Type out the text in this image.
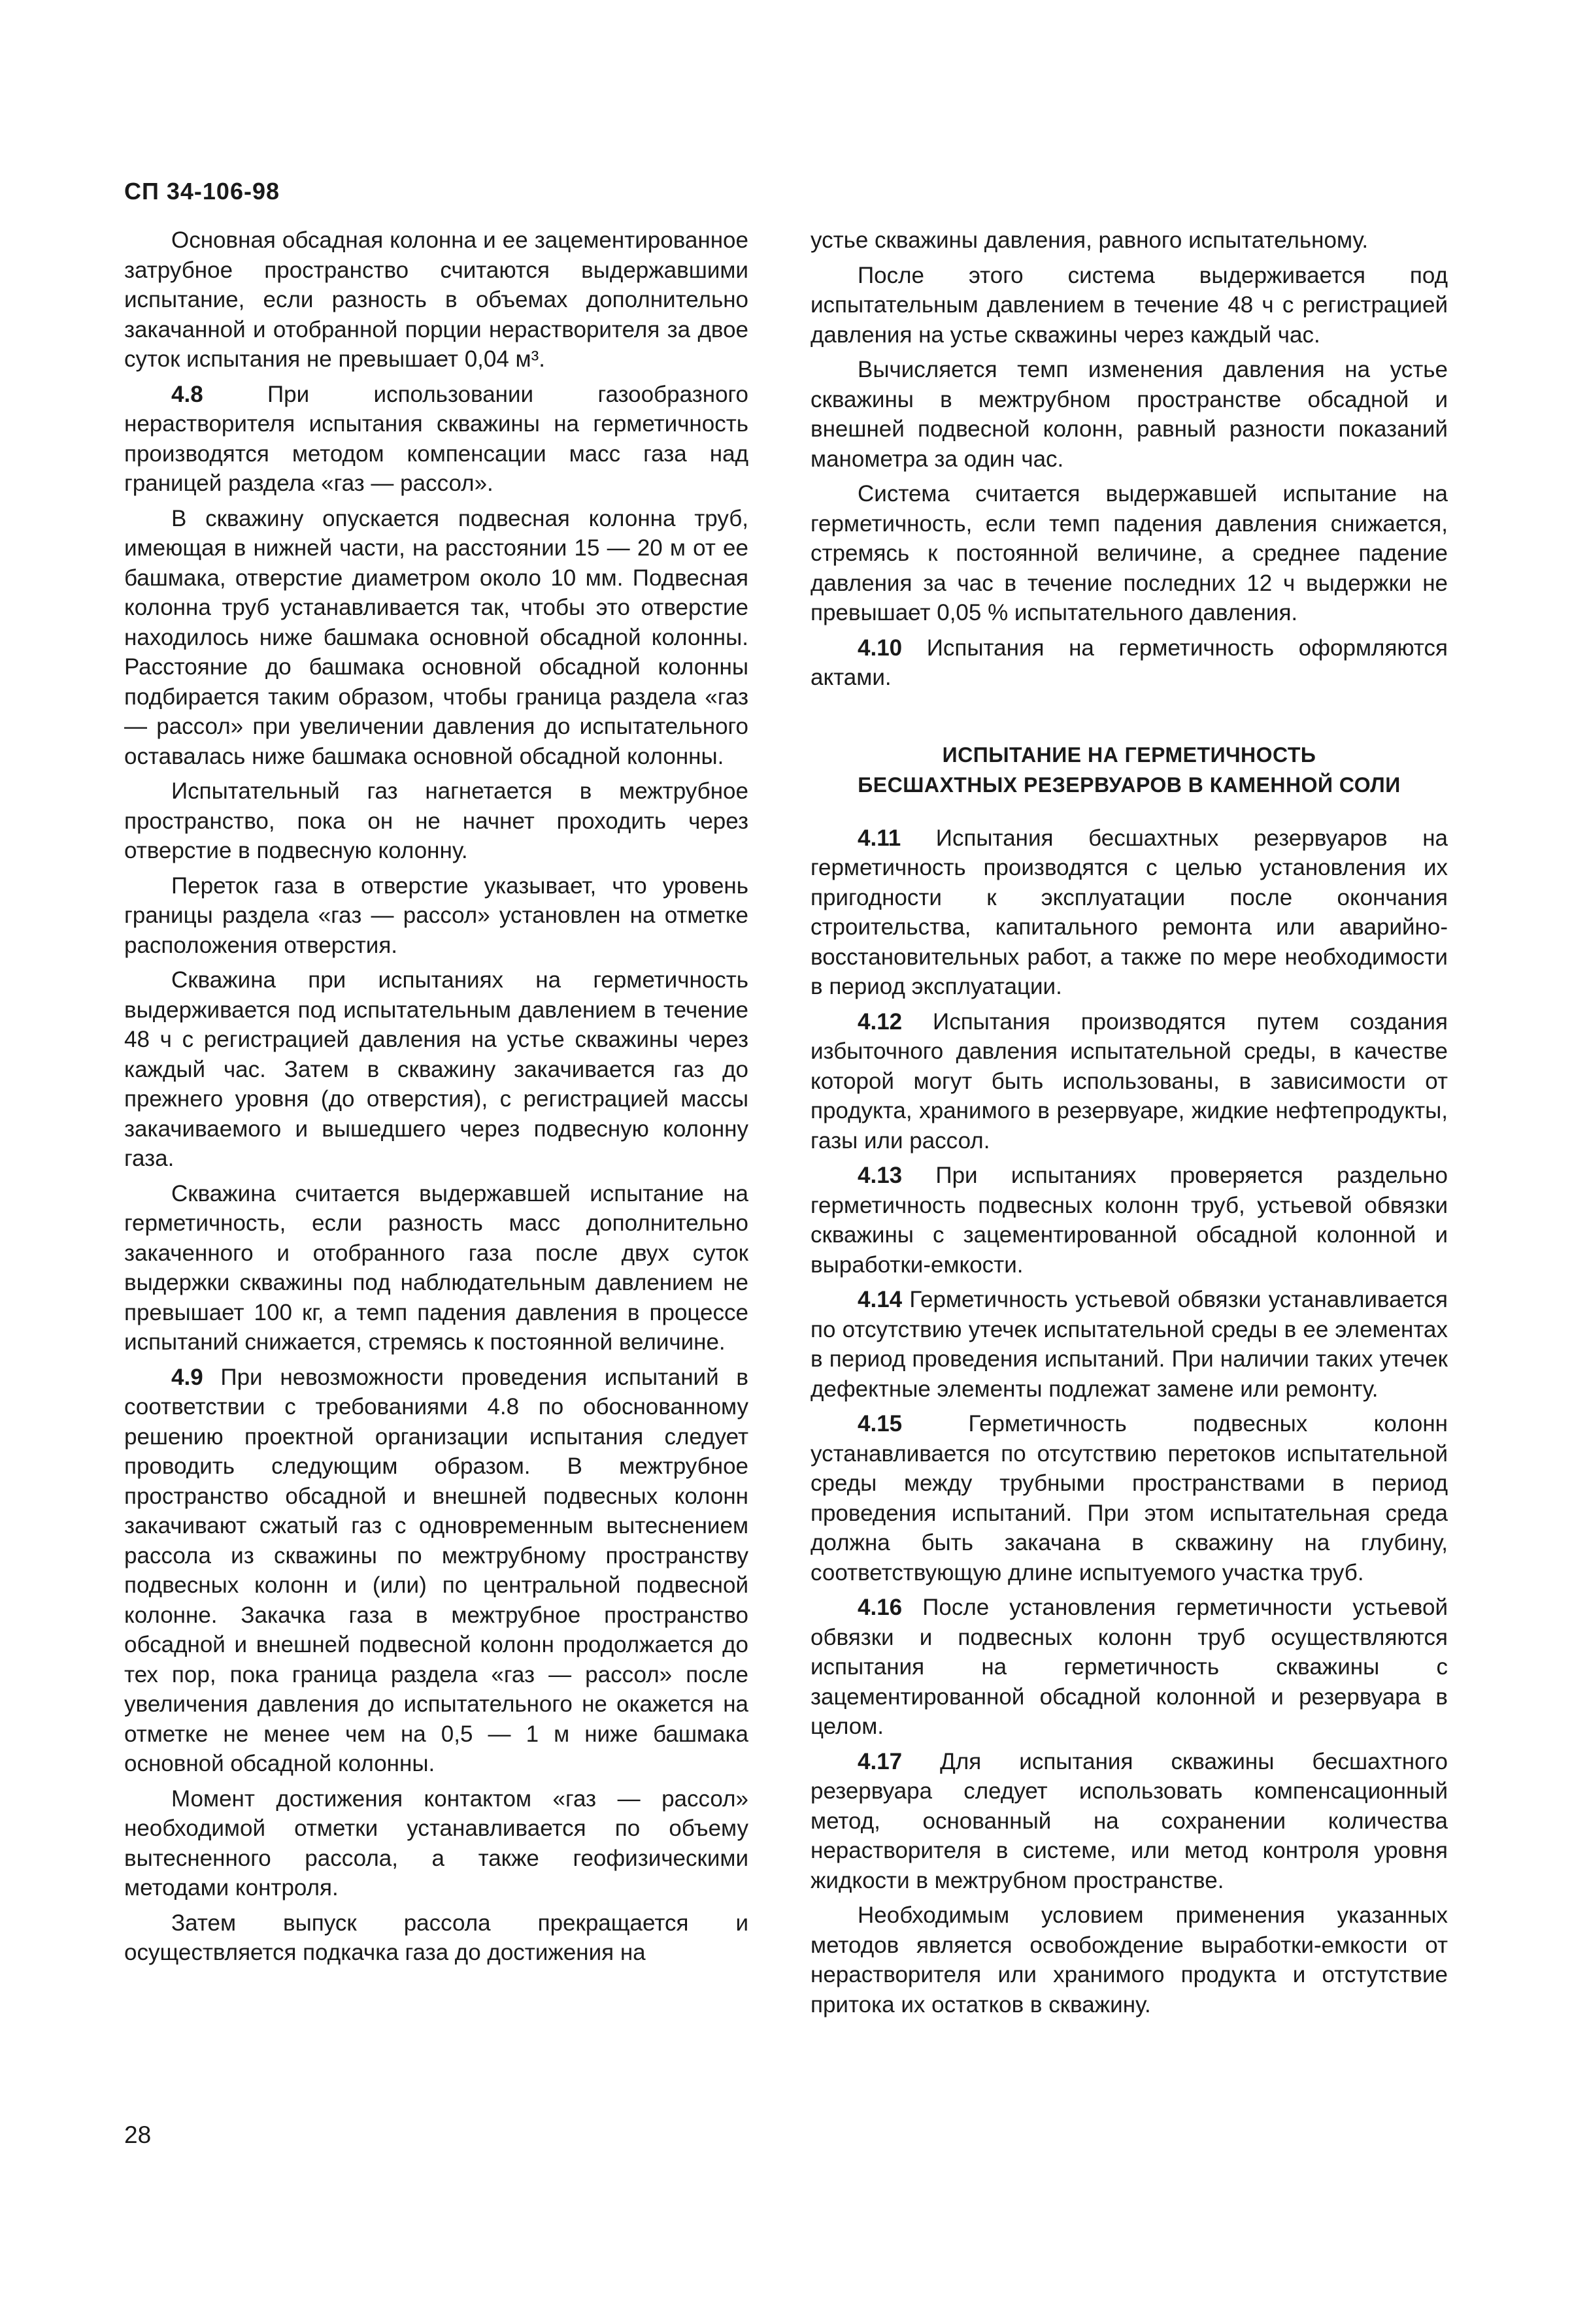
СП 34-106-98

Основная обсадная колонна и ее зацементированное затрубное пространство считаются выдержавшими испытание, если разность в объемах дополнительно закачанной и отобранной порции нерастворителя за двое суток испытания не превышает 0,04 м³.

4.8 При использовании газообразного нерастворителя испытания скважины на герметичность производятся методом компенсации масс газа над границей раздела «газ — рассол».

В скважину опускается подвесная колонна труб, имеющая в нижней части, на расстоянии 15 — 20 м от ее башмака, отверстие диаметром около 10 мм. Подвесная колонна труб устанавливается так, чтобы это отверстие находилось ниже башмака основной обсадной колонны. Расстояние до башмака основной обсадной колонны подбирается таким образом, чтобы граница раздела «газ — рассол» при увеличении давления до испытательного оставалась ниже башмака основной обсадной колонны.

Испытательный газ нагнетается в межтрубное пространство, пока он не начнет проходить через отверстие в подвесную колонну.

Переток газа в отверстие указывает, что уровень границы раздела «газ — рассол» установлен на отметке расположения отверстия.

Скважина при испытаниях на герметичность выдерживается под испытательным давлением в течение 48 ч с регистрацией давления на устье скважины через каждый час. Затем в скважину закачивается газ до прежнего уровня (до отверстия), с регистрацией массы закачиваемого и вышедшего через подвесную колонну газа.

Скважина считается выдержавшей испытание на герметичность, если разность масс дополнительно закаченного и отобранного газа после двух суток выдержки скважины под наблюдательным давлением не превышает 100 кг, а темп падения давления в процессе испытаний снижается, стремясь к постоянной величине.

4.9 При невозможности проведения испытаний в соответствии с требованиями 4.8 по обоснованному решению проектной организации испытания следует проводить следующим образом. В межтрубное пространство обсадной и внешней подвесных колонн закачивают сжатый газ с одновременным вытеснением рассола из скважины по межтрубному пространству подвесных колонн и (или) по центральной подвесной колонне. Закачка газа в межтрубное пространство обсадной и внешней подвесной колонн продолжается до тех пор, пока граница раздела «газ — рассол» после увеличения давления до испытательного не окажется на отметке не менее чем на 0,5 — 1 м ниже башмака основной обсадной колонны.

Момент достижения контактом «газ — рассол» необходимой отметки устанавливается по объему вытесненного рассола, а также геофизическими методами контроля.

Затем выпуск рассола прекращается и осуществляется подкачка газа до достижения на

устье скважины давления, равного испытательному.

После этого система выдерживается под испытательным давлением в течение 48 ч с регистрацией давления на устье скважины через каждый час.

Вычисляется темп изменения давления на устье скважины в межтрубном пространстве обсадной и внешней подвесной колонн, равный разности показаний манометра за один час.

Система считается выдержавшей испытание на герметичность, если темп падения давления снижается, стремясь к постоянной величине, а среднее падение давления за час в течение последних 12 ч выдержки не превышает 0,05 % испытательного давления.

4.10 Испытания на герметичность оформляются актами.

ИСПЫТАНИЕ НА ГЕРМЕТИЧНОСТЬ
БЕСШАХТНЫХ РЕЗЕРВУАРОВ В КАМЕННОЙ СОЛИ

4.11 Испытания бесшахтных резервуаров на герметичность производятся с целью установления их пригодности к эксплуатации после окончания строительства, капитального ремонта или аварийно-восстановительных работ, а также по мере необходимости в период эксплуатации.

4.12 Испытания производятся путем создания избыточного давления испытательной среды, в качестве которой могут быть использованы, в зависимости от продукта, хранимого в резервуаре, жидкие нефтепродукты, газы или рассол.

4.13 При испытаниях проверяется раздельно герметичность подвесных колонн труб, устьевой обвязки скважины с зацементированной обсадной колонной и выработки-емкости.

4.14 Герметичность устьевой обвязки устанавливается по отсутствию утечек испытательной среды в ее элементах в период проведения испытаний. При наличии таких утечек дефектные элементы подлежат замене или ремонту.

4.15 Герметичность подвесных колонн устанавливается по отсутствию перетоков испытательной среды между трубными пространствами в период проведения испытаний. При этом испытательная среда должна быть закачана в скважину на глубину, соответствующую длине испытуемого участка труб.

4.16 После установления герметичности устьевой обвязки и подвесных колонн труб осуществляются испытания на герметичность скважины с зацементированной обсадной колонной и резервуара в целом.

4.17 Для испытания скважины бесшахтного резервуара следует использовать компенсационный метод, основанный на сохранении количества нерастворителя в системе, или метод контроля уровня жидкости в межтрубном пространстве.

Необходимым условием применения указанных методов является освобождение выработки-емкости от нерастворителя или хранимого продукта и отстутствие притока их остатков в скважину.

28
